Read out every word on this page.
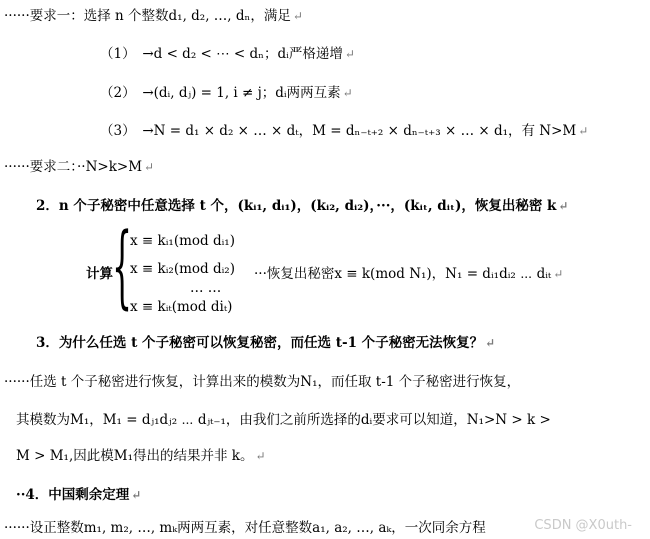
······要求一：选择 n 个整数d₁, d₂, …, dₙ，满足 ↵
（1）　→d < d₂ < ⋯ < dₙ；dᵢ严格递增 ↵
（2）　→(dᵢ, dⱼ) = 1, i ≠ j；dᵢ两两互素 ↵
（3）　→N = d₁ × d₂ × … × dₜ，M = dₙ₋ₜ₊₂ × dₙ₋ₜ₊₃ × … × d₁，有 N>M ↵
······要求二：··N>k>M ↵
2．n 个子秘密中任意选择 t 个，(kᵢ₁, dᵢ₁)，(kᵢ₂, dᵢ₂)，···，(kᵢₜ, dᵢₜ)，恢复出秘密 k ↵
计算 {
x ≡ kᵢ₁(mod dᵢ₁)
x ≡ kᵢ₂(mod dᵢ₂)
… …
x ≡ kᵢₜ(mod diₜ)
···恢复出秘密x ≡ k(mod N₁)，N₁ = dᵢ₁dᵢ₂ ⋯ dᵢₜ ↵
3．为什么任选 t 个子秘密可以恢复秘密，而任选 t-1 个子秘密无法恢复？ ↵
······任选 t 个子秘密进行恢复，计算出来的模数为N₁，而任取 t-1 个子秘密进行恢复，
其模数为M₁，M₁ = dⱼ₁dⱼ₂ ⋯ dⱼₜ₋₁，由我们之前所选择的dᵢ要求可以知道，N₁>N > k >
M > M₁,因此模M₁得出的结果并非 k。 ↵
··4．中国剩余定理 ↵
······设正整数m₁, m₂, …, mₖ两两互素，对任意整数a₁, a₂, …, aₖ，一次同余方程	CSDN @X0uth-
